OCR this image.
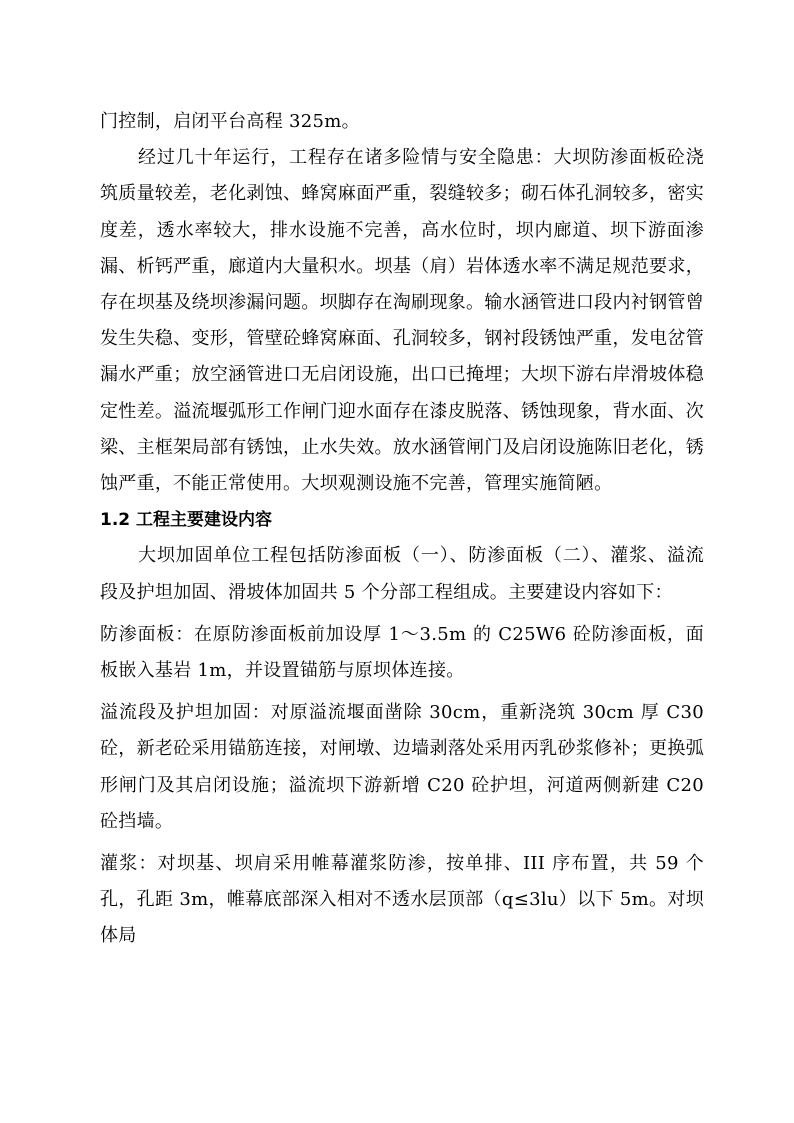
门控制，启闭平台高程 325m。

经过几十年运行，工程存在诸多险情与安全隐患：大坝防渗面板砼浇筑质量较差，老化剥蚀、蜂窝麻面严重，裂缝较多；砌石体孔洞较多，密实度差，透水率较大，排水设施不完善，高水位时，坝内廊道、坝下游面渗漏、析钙严重，廊道内大量积水。坝基（肩）岩体透水率不满足规范要求，存在坝基及绕坝渗漏问题。坝脚存在淘刷现象。输水涵管进口段内衬钢管曾发生失稳、变形，管壁砼蜂窝麻面、孔洞较多，钢衬段锈蚀严重，发电岔管漏水严重；放空涵管进口无启闭设施，出口已掩埋；大坝下游右岸滑坡体稳定性差。溢流堰弧形工作闸门迎水面存在漆皮脱落、锈蚀现象，背水面、次梁、主框架局部有锈蚀，止水失效。放水涵管闸门及启闭设施陈旧老化，锈蚀严重，不能正常使用。大坝观测设施不完善，管理实施简陋。

1.2 工程主要建设内容

大坝加固单位工程包括防渗面板（一）、防渗面板（二）、灌浆、溢流段及护坦加固、滑坡体加固共 5 个分部工程组成。主要建设内容如下：

防渗面板：在原防渗面板前加设厚 1～3.5m 的 C25W6 砼防渗面板，面板嵌入基岩 1m，并设置锚筋与原坝体连接。

溢流段及护坦加固：对原溢流堰面凿除 30cm，重新浇筑 30cm 厚 C30 砼，新老砼采用锚筋连接，对闸墩、边墙剥落处采用丙乳砂浆修补；更换弧形闸门及其启闭设施；溢流坝下游新增 C20 砼护坦，河道两侧新建 C20 砼挡墙。

灌浆：对坝基、坝肩采用帷幕灌浆防渗，按单排、III 序布置，共 59 个孔，孔距 3m，帷幕底部深入相对不透水层顶部（q≤3lu）以下 5m。对坝体局
